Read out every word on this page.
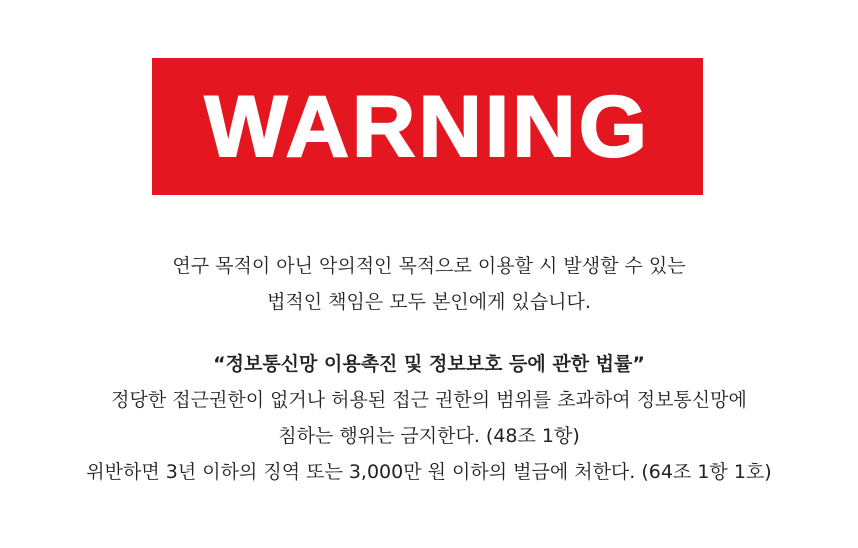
WARNING
연구 목적이 아닌 악의적인 목적으로 이용할 시 발생할 수 있는
법적인 책임은 모두 본인에게 있습니다.
“정보통신망 이용촉진 및 정보보호 등에 관한 법률”
정당한 접근권한이 없거나 허용된 접근 권한의 범위를 초과하여 정보통신망에
침하는 행위는 금지한다. (48조 1항)
위반하면 3년 이하의 징역 또는 3,000만 원 이하의 벌금에 처한다. (64조 1항 1호)
